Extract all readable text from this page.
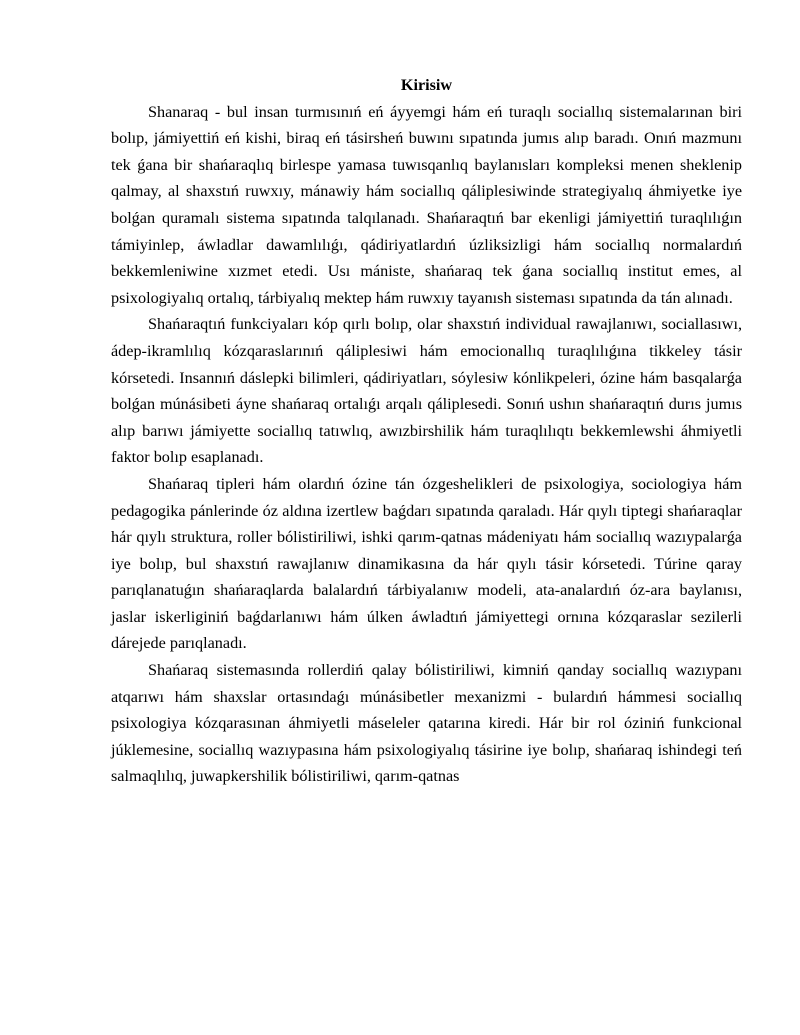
Kirisiw

Shanaraq - bul insan turmısınıń eń áyyemgi hám eń turaqlı sociallıq sistemalarınan biri bolıp, jámiyettiń eń kishi, biraq eń tásirsheń buwını sıpatında jumıs alıp baradı. Onıń mazmunı tek ǵana bir shańaraqlıq birlespe yamasa tuwısqanlıq baylanısları kompleksi menen sheklenip qalmay, al shaxstıń ruwxıy, mánawiy hám sociallıq qáliplesiwinde strategiyalıq áhmiyetke iye bolǵan quramalı sistema sıpatında talqılanadı. Shańaraqtıń bar ekenligi jámiyettiń turaqlılıǵın támiyinlep, áwladlar dawamlılıǵı, qádiriyatlardıń úzliksizligi hám sociallıq normalardıń bekkemleniwine xızmet etedi. Usı mániste, shańaraq tek ǵana sociallıq institut emes, al psixologiyalıq ortalıq, tárbiyalıq mektep hám ruwxıy tayanısh sisteması sıpatında da tán alınadı.

Shańaraqtıń funkciyaları kóp qırlı bolıp, olar shaxstıń individual rawajlanıwı, sociallasıwı, ádep-ikramlılıq kózqaraslarınıń qáliplesiwi hám emocionallıq turaqlılıǵına tikkeley tásir kórsetedi. Insannıń dáslepki bilimleri, qádiriyatları, sóylesiw kónlikpeleri, ózine hám basqalarǵa bolǵan múnásibeti áyne shańaraq ortalıǵı arqalı qáliplesedi. Sonıń ushın shańaraqtıń durıs jumıs alıp barıwı jámiyette sociallıq tatıwlıq, awızbirshilik hám turaqlılıqtı bekkemlewshi áhmiyetli faktor bolıp esaplanadı.

Shańaraq tipleri hám olardıń ózine tán ózgeshelikleri de psixologiya, sociologiya hám pedagogika pánlerinde óz aldına izertlew baǵdarı sıpatında qaraladı. Hár qıylı tiptegi shańaraqlar hár qıylı struktura, roller bólistiriliwi, ishki qarım-qatnas mádeniyatı hám sociallıq wazıypalarǵa iye bolıp, bul shaxstıń rawajlanıw dinamikasına da hár qıylı tásir kórsetedi. Túrine qaray parıqlanatuǵın shańaraqlarda balalardıń tárbiyalanıw modeli, ata-analardıń óz-ara baylanısı, jaslar iskerliginiń baǵdarlanıwı hám úlken áwladtıń jámiyettegi ornına kózqaraslar sezilerli dárejede parıqlanadı.

Shańaraq sistemasında rollerdiń qalay bólistiriliwi, kimniń qanday sociallıq wazıypanı atqarıwı hám shaxslar ortasındaǵı múnásibetler mexanizmi - bulardıń hámmesi sociallıq psixologiya kózqarasınan áhmiyetli máseleler qatarına kiredi. Hár bir rol óziniń funkcional júklemesine, sociallıq wazıypasına hám psixologiyalıq tásirine iye bolıp, shańaraq ishindegi teń salmaqlılıq, juwapkershilik bólistiriliwi, qarım-qatnas
